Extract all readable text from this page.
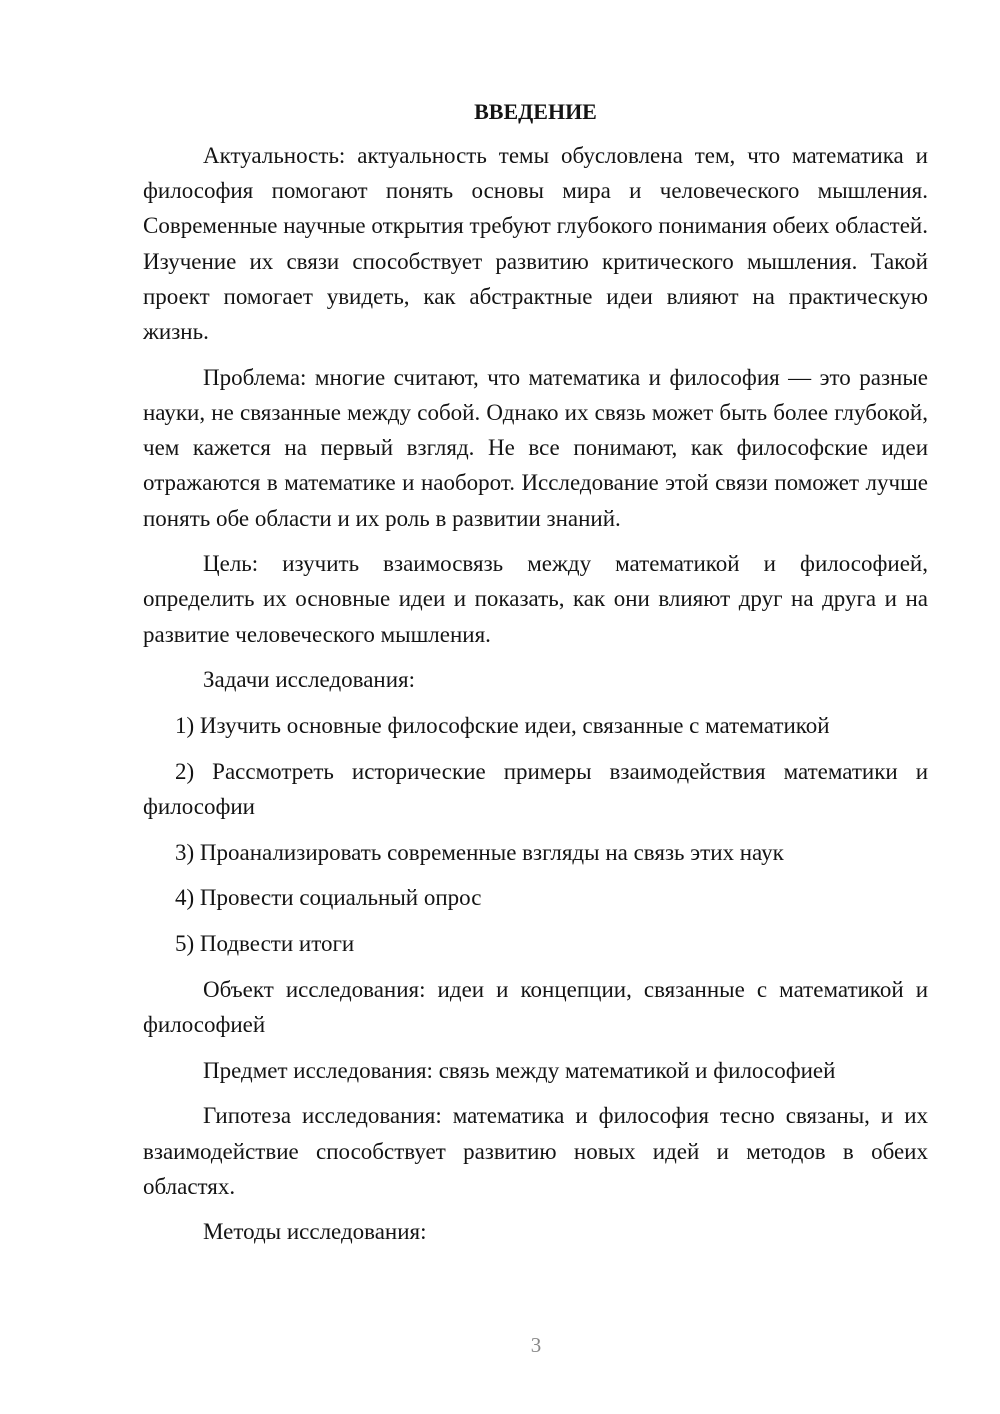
ВВЕДЕНИЕ
Актуальность: актуальность темы обусловлена тем, что математика и философия помогают понять основы мира и человеческого мышления. Современные научные открытия требуют глубокого понимания обеих областей. Изучение их связи способствует развитию критического мышления. Такой проект помогает увидеть, как абстрактные идеи влияют на практическую жизнь.
Проблема: многие считают, что математика и философия — это разные науки, не связанные между собой. Однако их связь может быть более глубокой, чем кажется на первый взгляд. Не все понимают, как философские идеи отражаются в математике и наоборот. Исследование этой связи поможет лучше понять обе области и их роль в развитии знаний.
Цель: изучить взаимосвязь между математикой и философией, определить их основные идеи и показать, как они влияют друг на друга и на развитие человеческого мышления.
Задачи исследования:
1) Изучить основные философские идеи, связанные с математикой
2) Рассмотреть исторические примеры взаимодействия математики и философии
3) Проанализировать современные взгляды на связь этих наук
4) Провести социальный опрос
5) Подвести итоги
Объект исследования: идеи и концепции, связанные с математикой и философией
Предмет исследования: связь между математикой и философией
Гипотеза исследования: математика и философия тесно связаны, и их взаимодействие способствует развитию новых идей и методов в обеих областях.
Методы исследования:
3
